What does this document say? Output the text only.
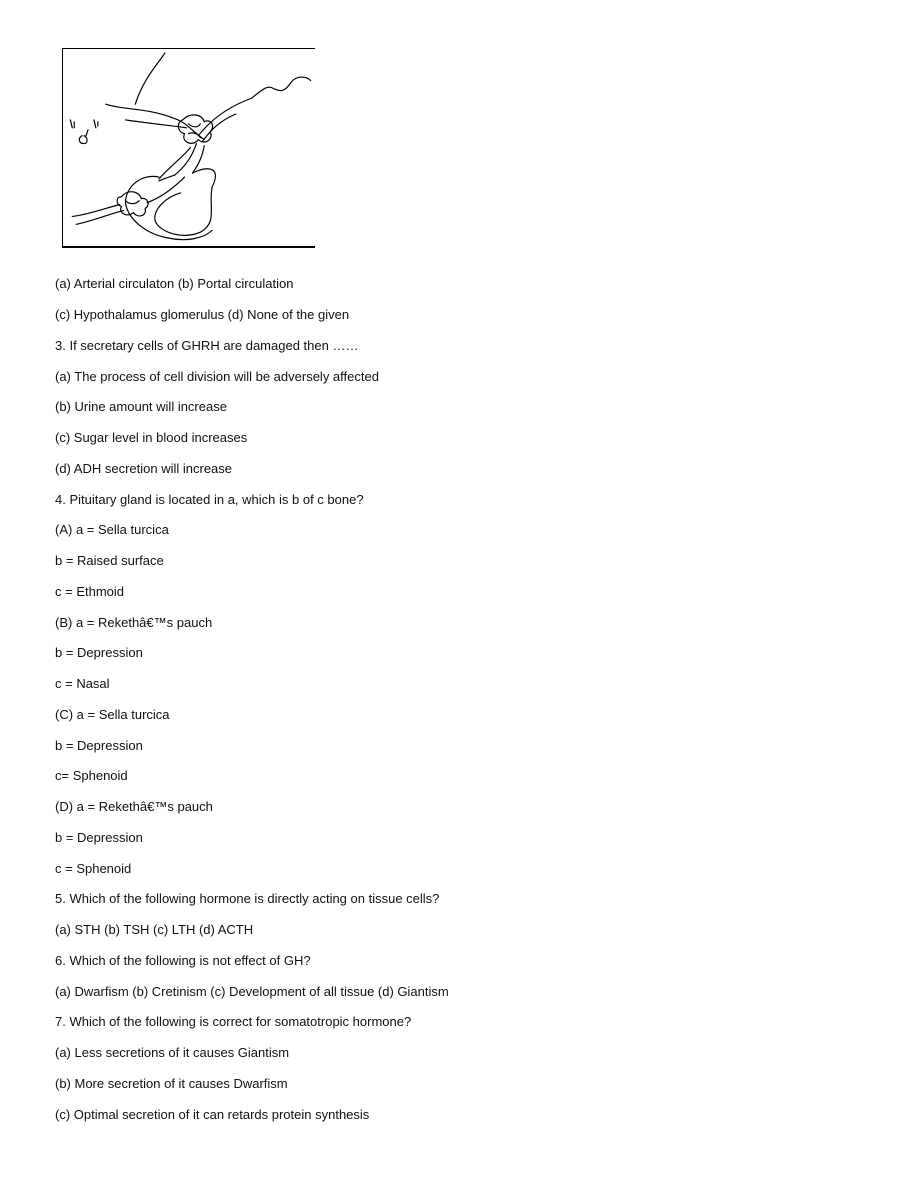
(a) Arterial circulaton (b) Portal circulation

(c) Hypothalamus glomerulus (d) None of the given

3. If secretary cells of GHRH are damaged then ……

(a) The process of cell division will be adversely affected

(b) Urine amount will increase

(c) Sugar level in blood increases

(d) ADH secretion will increase

4. Pituitary gland is located in a, which is b of c bone?

(A) a = Sella turcica

b = Raised surface

c = Ethmoid

(B) a = Rekethâ€™s pauch

b = Depression

c = Nasal

(C) a = Sella turcica

b = Depression

c= Sphenoid

(D) a = Rekethâ€™s pauch

b = Depression

c = Sphenoid

5. Which of the following hormone is directly acting on tissue cells?

(a) STH (b) TSH (c) LTH (d) ACTH

6. Which of the following is not effect of GH?

(a) Dwarfism (b) Cretinism (c) Development of all tissue (d) Giantism

7. Which of the following is correct for somatotropic hormone?

(a) Less secretions of it causes Giantism

(b) More secretion of it causes Dwarfism

(c) Optimal secretion of it can retards protein synthesis
